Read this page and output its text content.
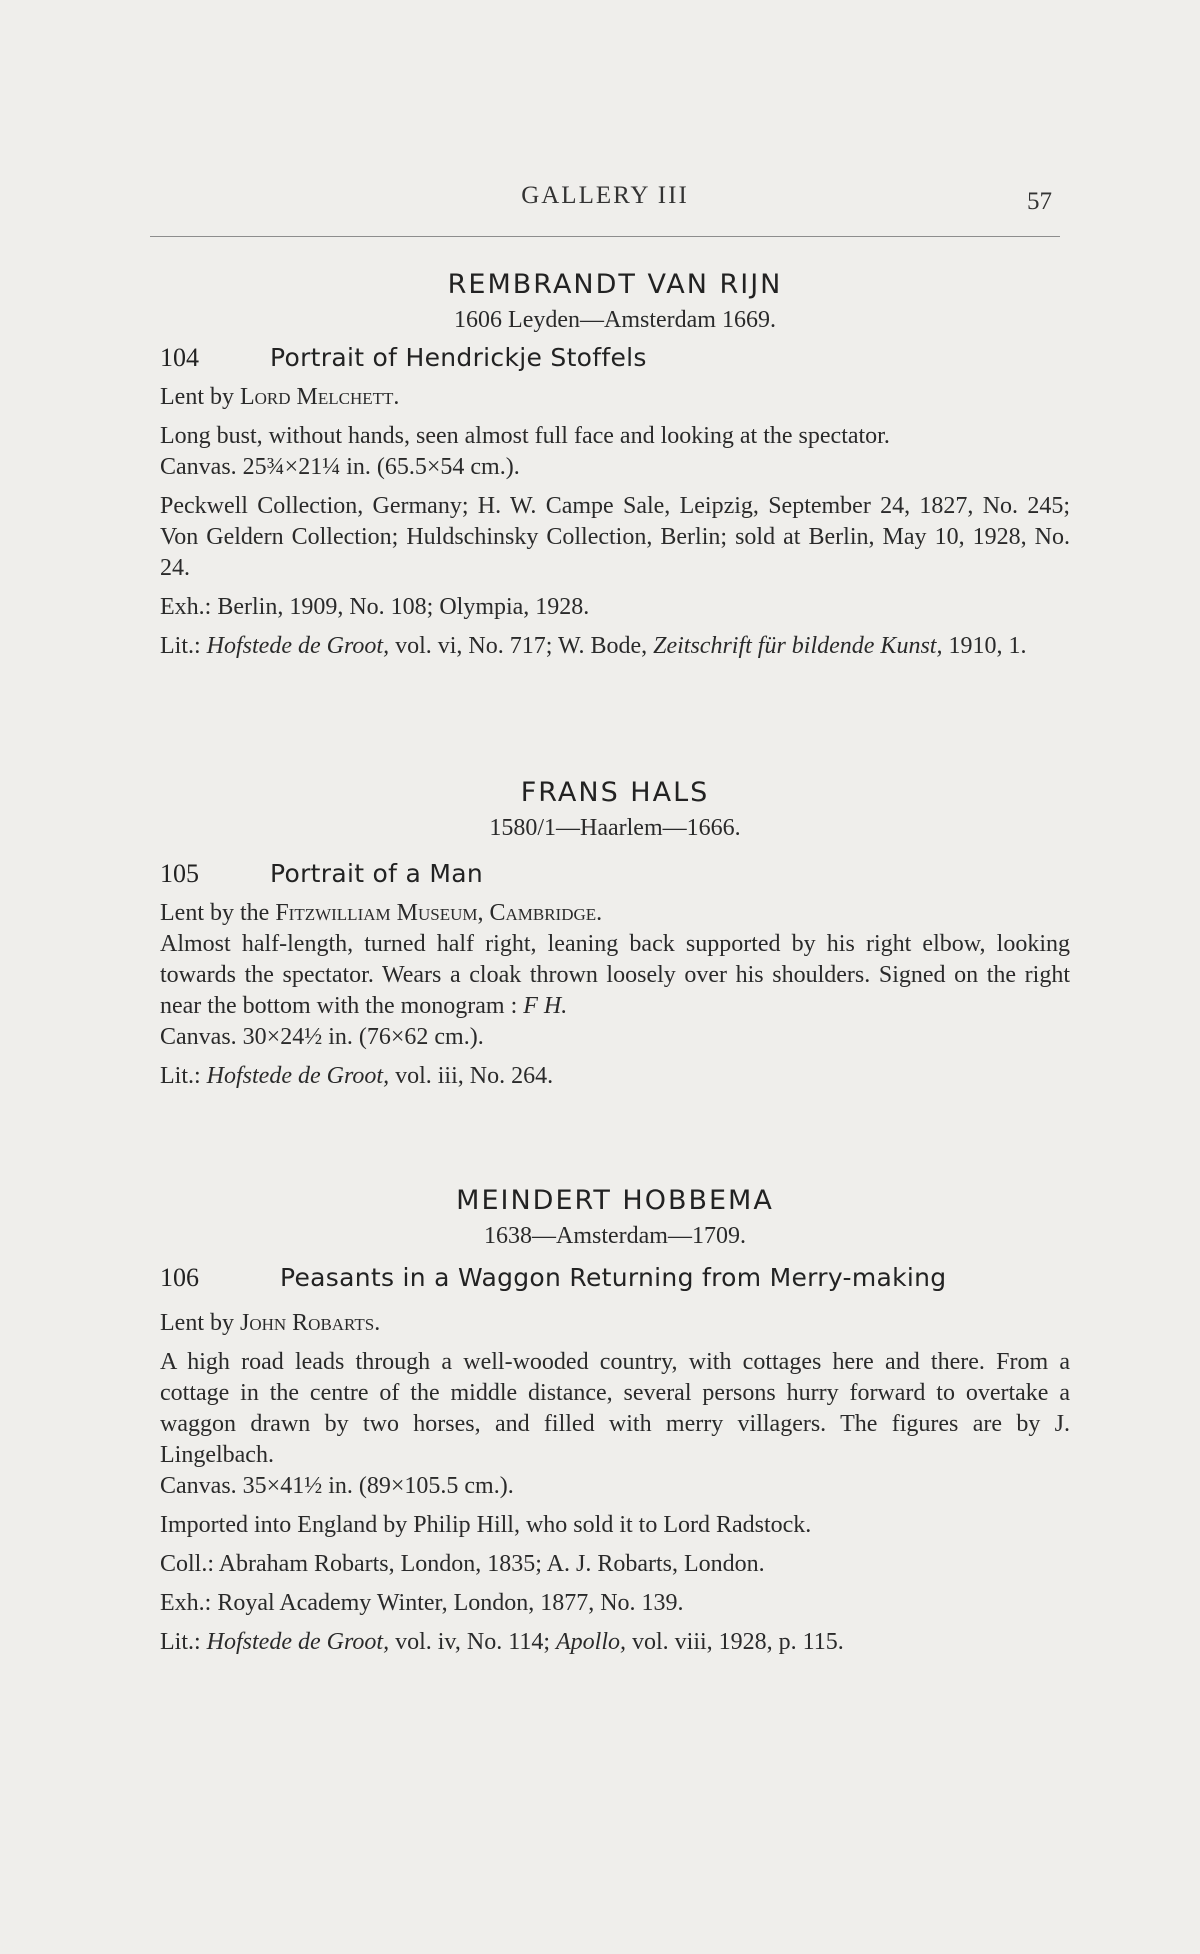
GALLERY III	57
REMBRANDT VAN RIJN
1606 Leyden—Amsterdam 1669.
104	Portrait of Hendrickje Stoffels

Lent by Lord Melchett.

Long bust, without hands, seen almost full face and looking at the spectator.

Canvas. 25¾×21¼ in. (65.5×54 cm.).

Peckwell Collection, Germany; H. W. Campe Sale, Leipzig, September 24, 1827, No. 245; Von Geldern Collection; Huldschinsky Collection, Berlin; sold at Berlin, May 10, 1928, No. 24.

Exh.: Berlin, 1909, No. 108; Olympia, 1928.

Lit.: Hofstede de Groot, vol. vi, No. 717; W. Bode, Zeitschrift für bildende Kunst, 1910, 1.

FRANS HALS
1580/1—Haarlem—1666.
105	Portrait of a Man

Lent by the Fitzwilliam Museum, Cambridge.

Almost half-length, turned half right, leaning back supported by his right elbow, looking towards the spectator. Wears a cloak thrown loosely over his shoulders. Signed on the right near the bottom with the monogram : F H.

Canvas. 30×24½ in. (76×62 cm.).

Lit.: Hofstede de Groot, vol. iii, No. 264.

MEINDERT HOBBEMA
1638—Amsterdam—1709.
106	Peasants in a Waggon Returning from Merry-making

Lent by John Robarts.

A high road leads through a well-wooded country, with cottages here and there. From a cottage in the centre of the middle distance, several persons hurry forward to overtake a waggon drawn by two horses, and filled with merry villagers. The figures are by J. Lingelbach.

Canvas. 35×41½ in. (89×105.5 cm.).

Imported into England by Philip Hill, who sold it to Lord Radstock.

Coll.: Abraham Robarts, London, 1835; A. J. Robarts, London.

Exh.: Royal Academy Winter, London, 1877, No. 139.

Lit.: Hofstede de Groot, vol. iv, No. 114; Apollo, vol. viii, 1928, p. 115.
